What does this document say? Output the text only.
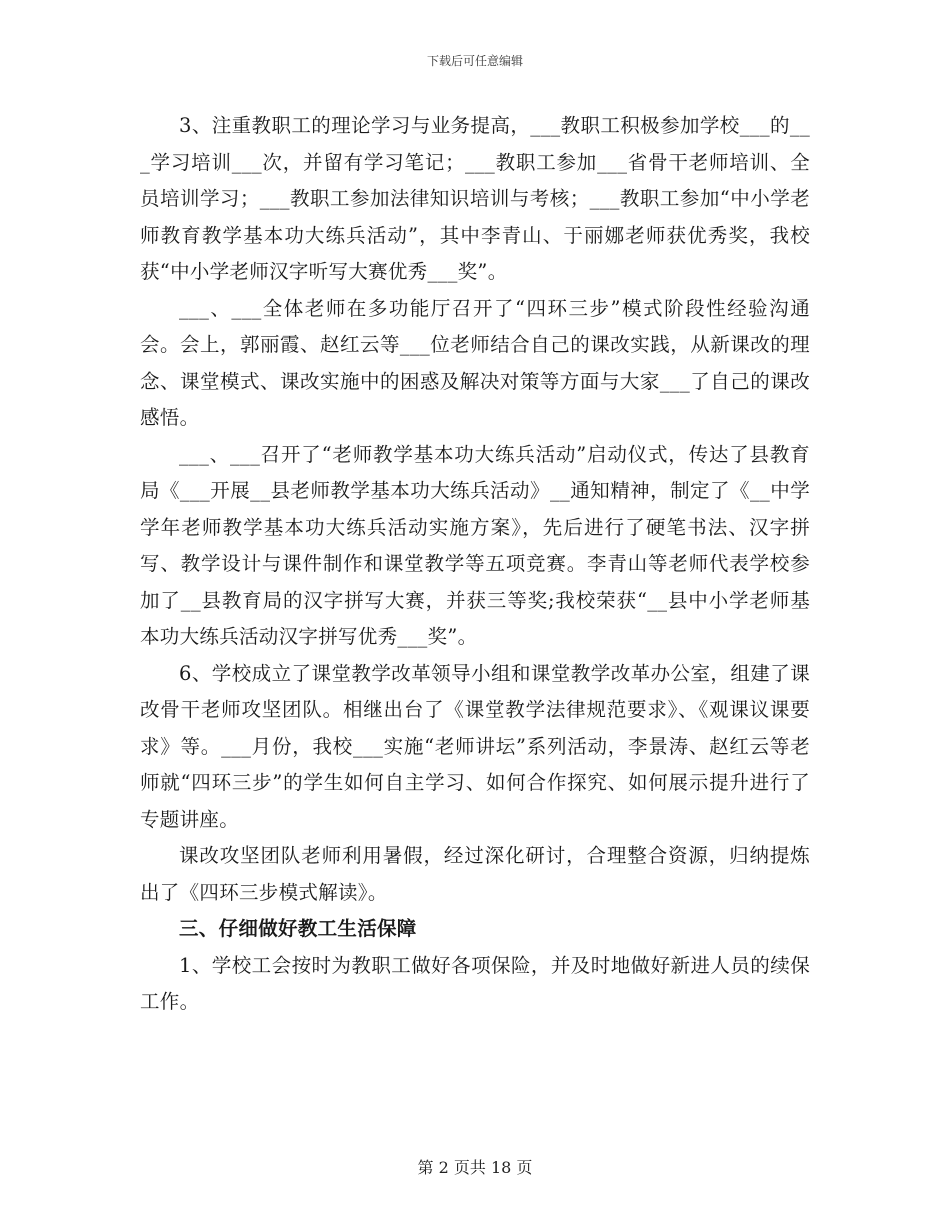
下载后可任意编辑

3、注重教职工的理论学习与业务提高，___教职工积极参加学校___的___学习培训___次，并留有学习笔记；___教职工参加___省骨干老师培训、全员培训学习；___教职工参加法律知识培训与考核；___教职工参加“中小学老师教育教学基本功大练兵活动”，其中李青山、于丽娜老师获优秀奖，我校获“中小学老师汉字听写大赛优秀___奖”。

___、___全体老师在多功能厅召开了“四环三步”模式阶段性经验沟通会。会上，郭丽霞、赵红云等___位老师结合自己的课改实践，从新课改的理念、课堂模式、课改实施中的困惑及解决对策等方面与大家___了自己的课改感悟。

___、___召开了“老师教学基本功大练兵活动”启动仪式，传达了县教育局《___开展__县老师教学基本功大练兵活动》__通知精神，制定了《__中学学年老师教学基本功大练兵活动实施方案》，先后进行了硬笔书法、汉字拼写、教学设计与课件制作和课堂教学等五项竞赛。李青山等老师代表学校参加了__县教育局的汉字拼写大赛，并获三等奖;我校荣获“__县中小学老师基本功大练兵活动汉字拼写优秀___奖”。

6、学校成立了课堂教学改革领导小组和课堂教学改革办公室，组建了课改骨干老师攻坚团队。相继出台了《课堂教学法律规范要求》、《观课议课要求》等。___月份，我校___实施“老师讲坛”系列活动，李景涛、赵红云等老师就“四环三步”的学生如何自主学习、如何合作探究、如何展示提升进行了专题讲座。

课改攻坚团队老师利用暑假，经过深化研讨，合理整合资源，归纳提炼出了《四环三步模式解读》。

三、仔细做好教工生活保障

1、学校工会按时为教职工做好各项保险，并及时地做好新进人员的续保工作。

第 2 页共 18 页
